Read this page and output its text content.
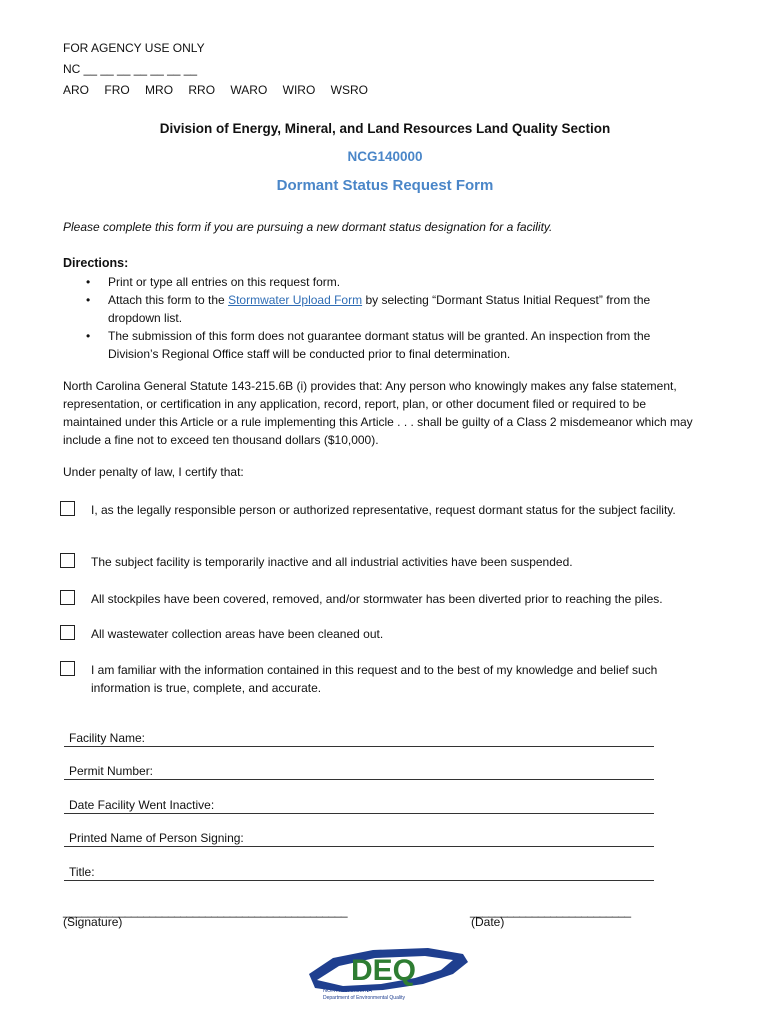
FOR AGENCY USE ONLY
NC __ __ __ __ __ __ __
ARO FRO MRO RRO WARO WIRO WSRO
Division of Energy, Mineral, and Land Resources Land Quality Section
NCG140000
Dormant Status Request Form
Please complete this form if you are pursuing a new dormant status designation for a facility.
Directions:
• Print or type all entries on this request form.
• Attach this form to the Stormwater Upload Form by selecting “Dormant Status Initial Request” from the dropdown list.
• The submission of this form does not guarantee dormant status will be granted. An inspection from the Division’s Regional Office staff will be conducted prior to final determination.
North Carolina General Statute 143-215.6B (i) provides that: Any person who knowingly makes any false statement, representation, or certification in any application, record, report, plan, or other document filed or required to be maintained under this Article or a rule implementing this Article . . . shall be guilty of a Class 2 misdemeanor which may include a fine not to exceed ten thousand dollars ($10,000).
Under penalty of law, I certify that:
I, as the legally responsible person or authorized representative, request dormant status for the subject facility.
The subject facility is temporarily inactive and all industrial activities have been suspended.
All stockpiles have been covered, removed, and/or stormwater has been diverted prior to reaching the piles.
All wastewater collection areas have been cleaned out.
I am familiar with the information contained in this request and to the best of my knowledge and belief such information is true, complete, and accurate.
Facility Name:
Permit Number:
Date Facility Went Inactive:
Printed Name of Person Signing:
Title:
______________________________________________
(Signature)
__________________________
(Date)
DEQ
NORTH CAROLINA
Department of Environmental Quality
